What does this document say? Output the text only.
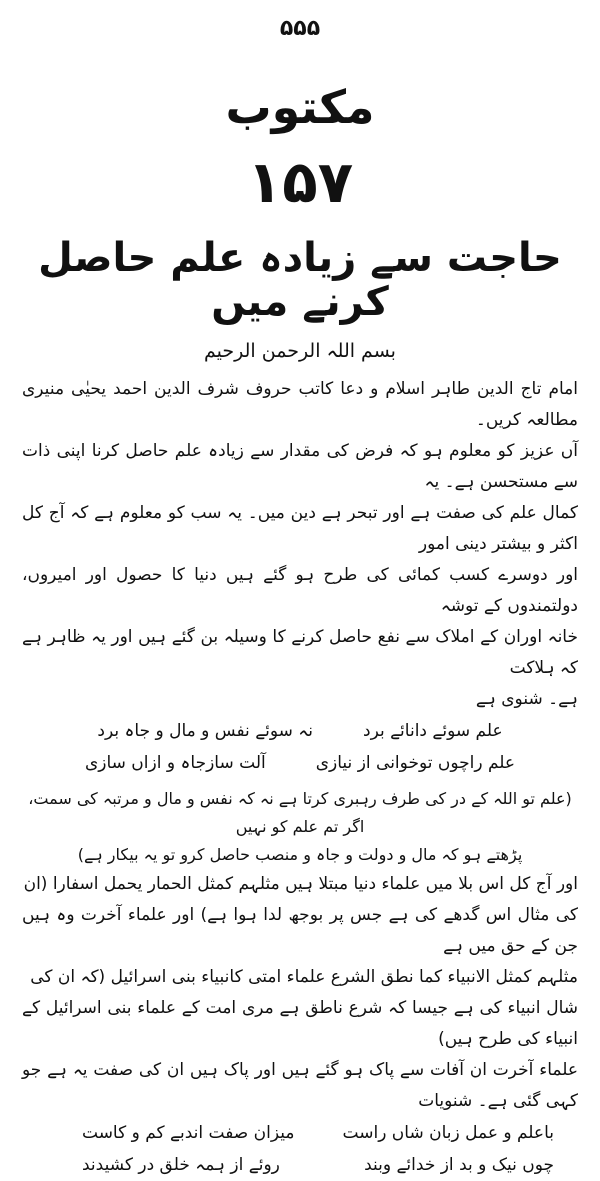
۵۵۵
مکتوب
۱۵۷
حاجت سے زیادہ علم حاصل کرنے میں
بسم اللہ الرحمن الرحیم

امام تاج الدین طاہر اسلام و دعا کاتب حروف شرف الدین احمد یحیٰی منیری مطالعہ کریں۔
آں عزیز کو معلوم ہو کہ فرض کی مقدار سے زیادہ علم حاصل کرنا اپنی ذات سے مستحسن ہے۔ یہ
کمال علم کی صفت ہے اور تبحر ہے دین میں۔ یہ سب کو معلوم ہے کہ آج کل اکثر و بیشتر دینی امور
اور دوسرے کسب کمائی کی طرح ہو گئے ہیں دنیا کا حصول اور امیروں، دولتمندوں کے توشہ
خانہ اوران کے املاک سے نفع حاصل کرنے کا وسیلہ بن گئے ہیں اور یہ ظاہر ہے کہ ہلاکت
ہے۔ شنوی ہے

علم سوئے دانائے برد
نہ سوئے نفس و مال و جاہ برد
علم راچوں توخوانی از نیازی
آلت سازجاہ و ازاں سازی
(علم تو اللہ کے در کی طرف رہبری کرتا ہے نہ کہ نفس و مال و مرتبہ کی سمت، اگر تم علم کو نہیں
پڑھتے ہو کہ مال و دولت و جاہ و منصب حاصل کرو تو یہ بیکار ہے)

اور آج کل اس بلا میں علماء دنیا مبتلا ہیں مثلہم کمثل الحمار یحمل اسفارا (ان
کی مثال اس گدھے کی ہے جس پر بوجھ لدا ہوا ہے) اور علماء آخرت وہ ہیں جن کے حق میں ہے
مثلہم کمثل الانبیاء کما نطق الشرع علماء امتی کانبیاء بنی اسرائیل (کہ ان کی
شال انبیاء کی ہے جیسا کہ شرع ناطق ہے مری امت کے علماء بنی اسرائیل کے انبیاء کی طرح ہیں)
علماء آخرت ان آفات سے پاک ہو گئے ہیں اور پاک ہیں ان کی صفت یہ ہے جو کہی گئی ہے۔ شنویات

باعلم و عمل زبان شاں راست
میزان صفت اندبے کم و کاست
چوں نیک و بد از خدائے وبند
روئے از ہمہ خلق در کشیدند
